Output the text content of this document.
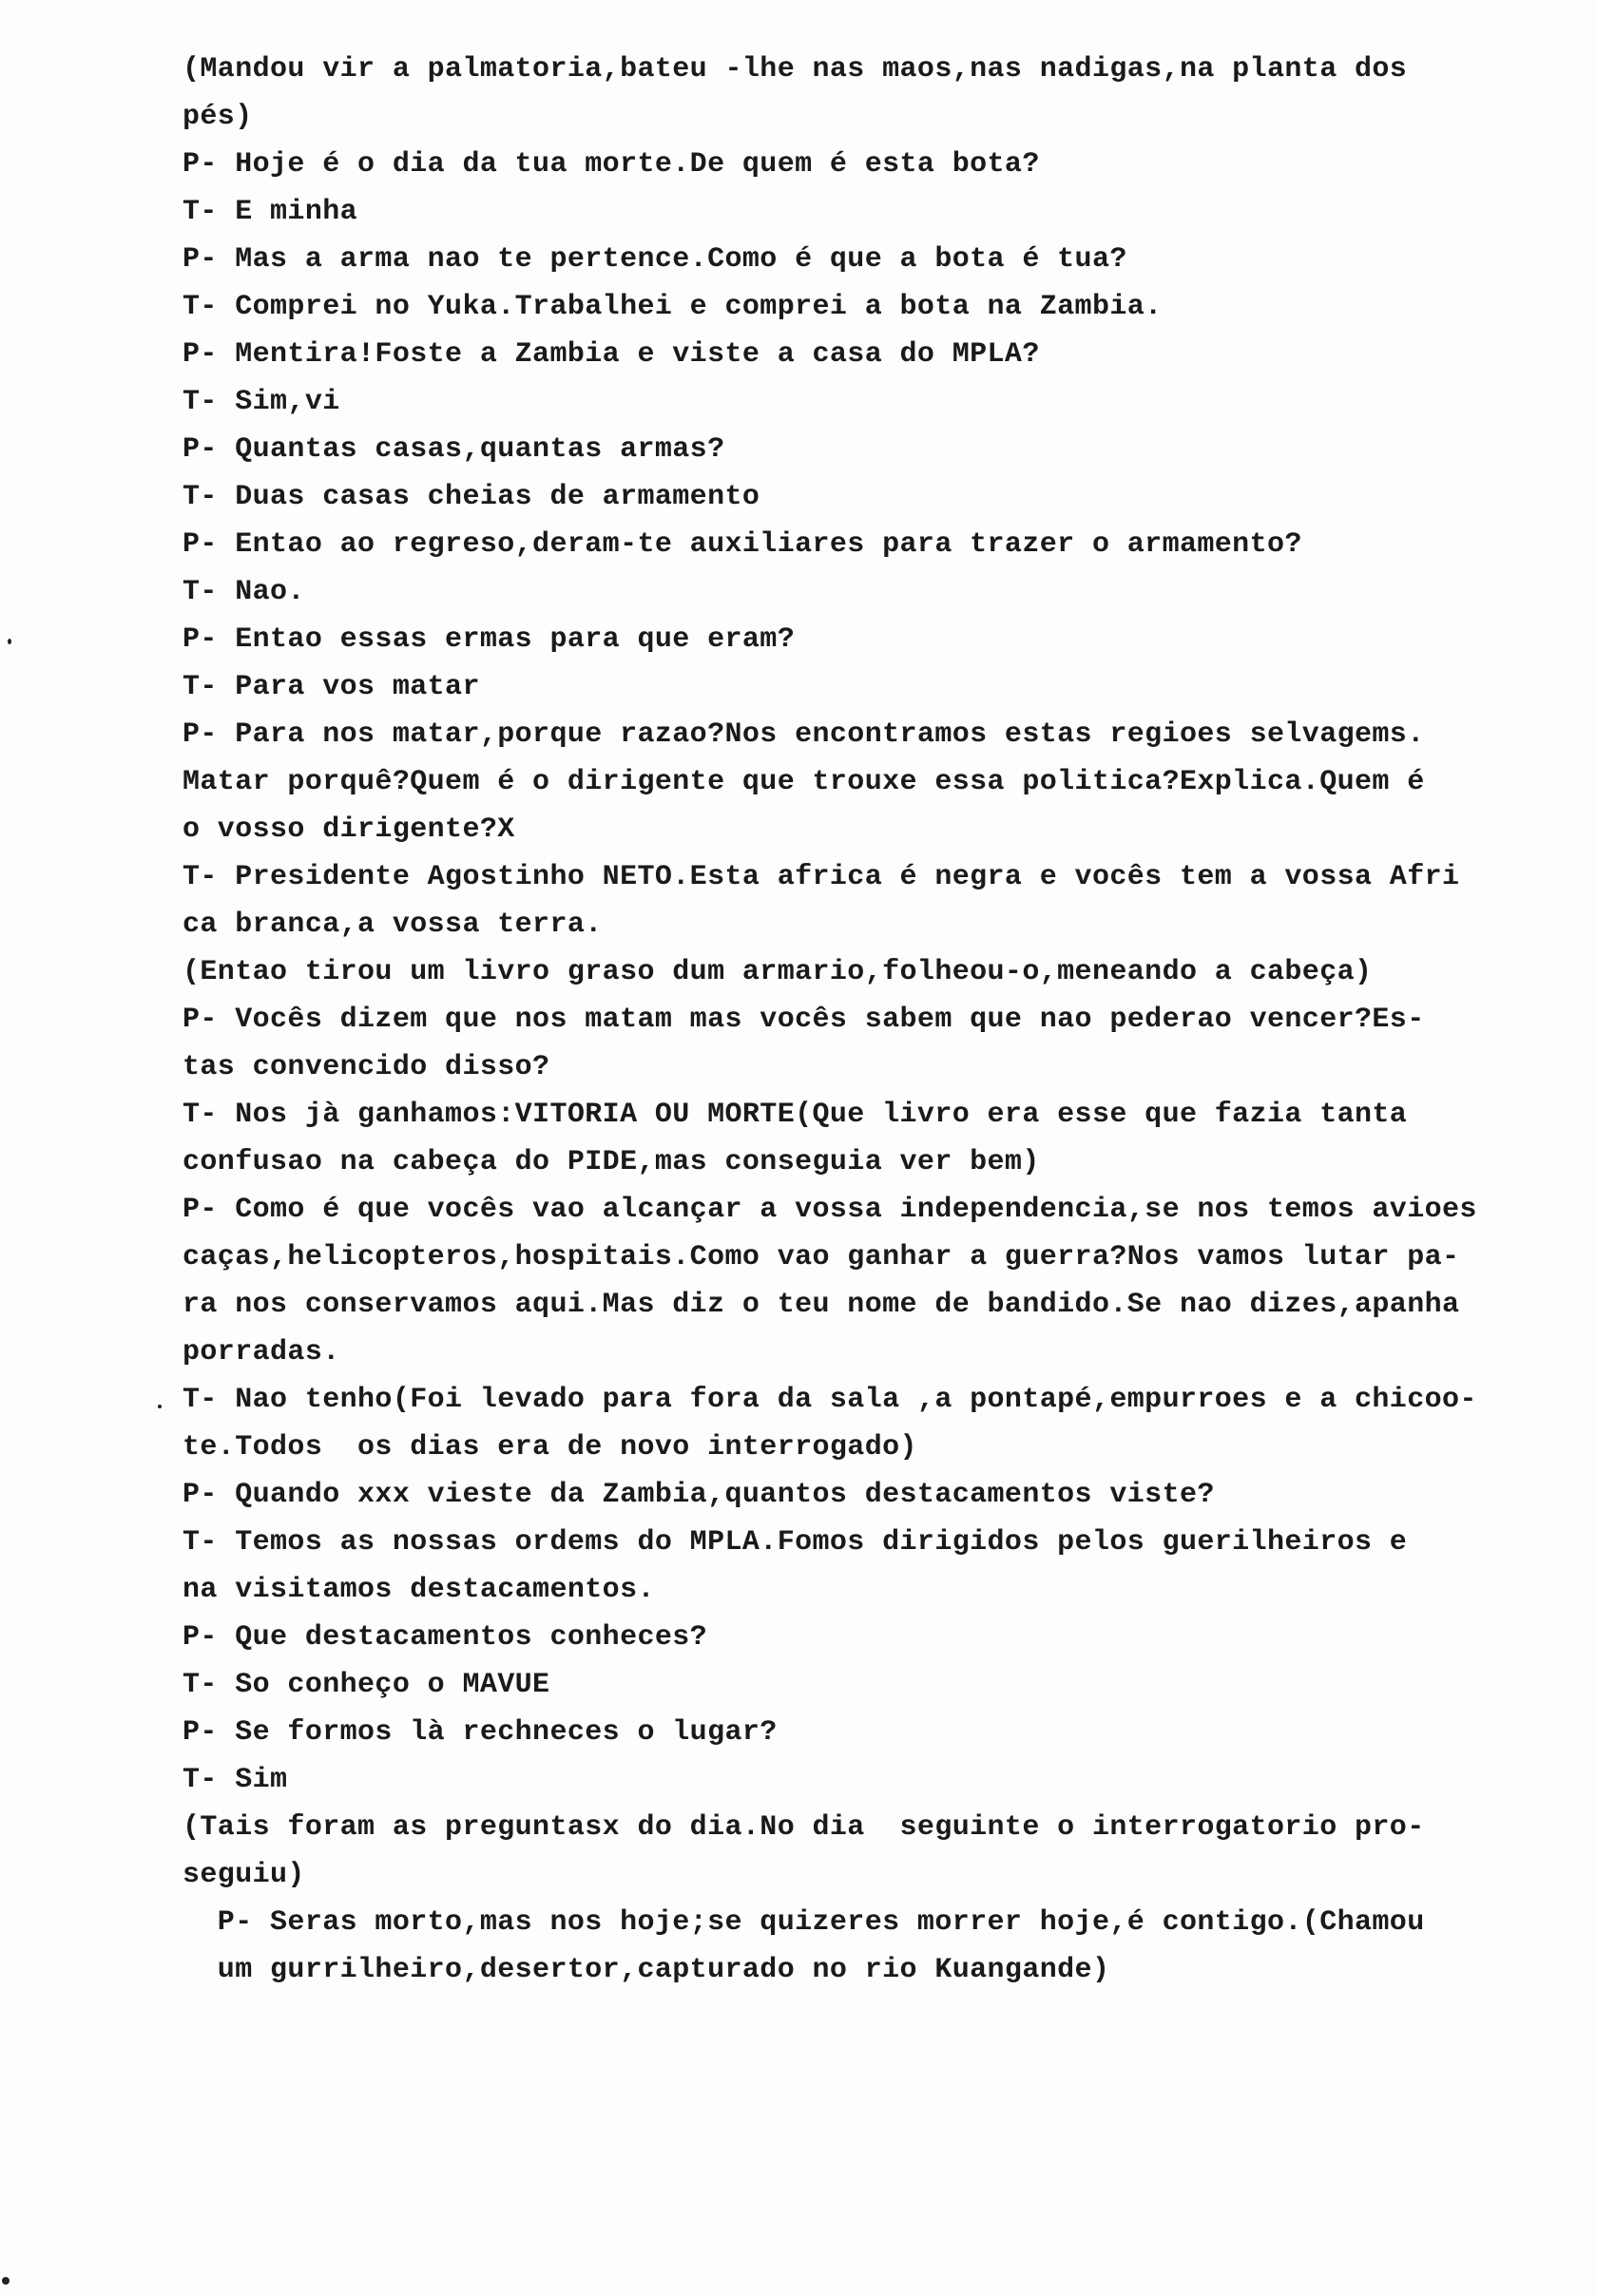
(Mandou vir a palmatoria,bateu -lhe nas maos,nas nadigas,na planta dos
pés)
P- Hoje é o dia da tua morte.De quem é esta bota?
T- E minha
P- Mas a arma nao te pertence.Como é que a bota é tua?
T- Comprei no Yuka.Trabalhei e comprei a bota na Zambia.
P- Mentira!Foste a Zambia e viste a casa do MPLA?
T- Sim,vi
P- Quantas casas,quantas armas?
T- Duas casas cheias de armamento
P- Entao ao regreso,deram-te auxiliares para trazer o armamento?
T- Nao.
P- Entao essas ermas para que eram?
T- Para vos matar
P- Para nos matar,porque razao?Nos encontramos estas regioes selvagems.
Matar porquê?Quem é o dirigente que trouxe essa politica?Explica.Quem é
o vosso dirigente?X
T- Presidente Agostinho NETO.Esta africa é negra e vocês tem a vossa Afri
ca branca,a vossa terra.
(Entao tirou um livro graso dum armario,folheou-o,meneando a cabeça)
P- Vocês dizem que nos matam mas vocês sabem que nao pederao vencer?Es-
tas convencido disso?
T- Nos jà ganhamos:VITORIA OU MORTE(Que livro era esse que fazia tanta
confusao na cabeça do PIDE,mas conseguia ver bem)
P- Como é que vocês vao alcançar a vossa independencia,se nos temos avioes
caças,helicopteros,hospitais.Como vao ganhar a guerra?Nos vamos lutar pa-
ra nos conservamos aqui.Mas diz o teu nome de bandido.Se nao dizes,apanha
porradas.
T- Nao tenho(Foi levado para fora da sala ,a pontapé,empurroes e a chicoo-
te.Todos  os dias era de novo interrogado)
P- Quando xxx vieste da Zambia,quantos destacamentos viste?
T- Temos as nossas ordems do MPLA.Fomos dirigidos pelos guerilheiros e
na visitamos destacamentos.
P- Que destacamentos conheces?
T- So conheço o MAVUE
P- Se formos là rechneces o lugar?
T- Sim
(Tais foram as preguntasx do dia.No dia  seguinte o interrogatorio pro-
seguiu)
P- Seras morto,mas nos hoje;se quizeres morrer hoje,é contigo.(Chamou
um gurrilheiro,desertor,capturado no rio Kuangande)
